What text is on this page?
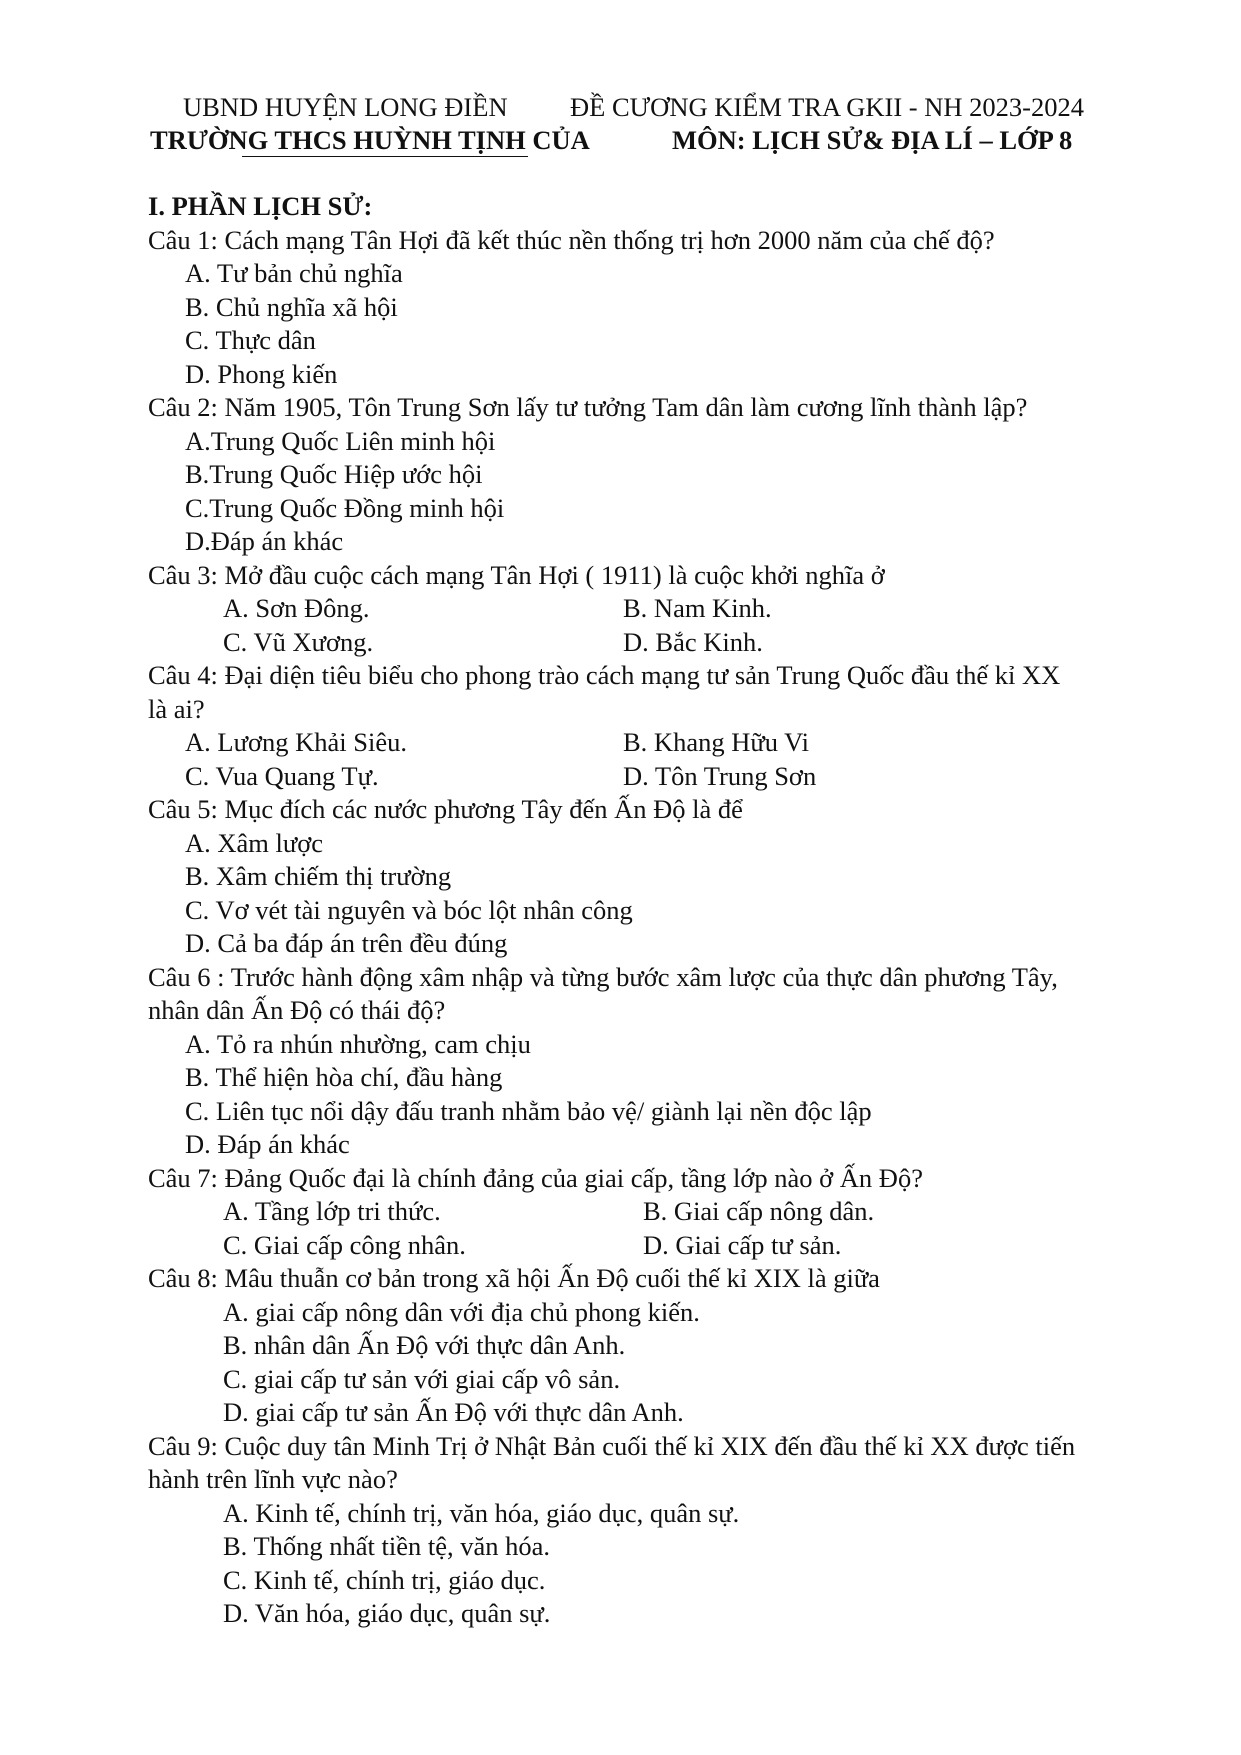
UBND HUYỆN LONG ĐIỀN ĐỀ CƯƠNG KIỂM TRA GKII - NH 2023-2024
TRƯỜNG THCS HUỲNH TỊNH CỦA	MÔN: LỊCH SỬ& ĐỊA LÍ – LỚP 8

I. PHẦN LỊCH SỬ:

Câu 1: Cách mạng Tân Hợi đã kết thúc nền thống trị hơn 2000 năm của chế độ?

A. Tư bản chủ nghĩa

B. Chủ nghĩa xã hội

C. Thực dân

D. Phong kiến

Câu 2: Năm 1905, Tôn Trung Sơn lấy tư tưởng Tam dân làm cương lĩnh thành lập?

A.Trung Quốc Liên minh hội

B.Trung Quốc Hiệp ước hội

C.Trung Quốc Đồng minh hội

D.Đáp án khác

Câu 3: Mở đầu cuộc cách mạng Tân Hợi ( 1911) là cuộc khởi nghĩa ở

A. Sơn Đông.	B. Nam Kinh.

C. Vũ Xương.	D. Bắc Kinh.

Câu 4: Đại diện tiêu biểu cho phong trào cách mạng tư sản Trung Quốc đầu thế kỉ XX

là ai?

A. Lương Khải Siêu.	B. Khang Hữu Vi

C. Vua Quang Tự.	D. Tôn Trung Sơn

Câu 5: Mục đích các nước phương Tây đến Ấn Độ là để

A. Xâm lược

B. Xâm chiếm thị trường

C. Vơ vét tài nguyên và bóc lột nhân công

D. Cả ba đáp án trên đều đúng

Câu 6 : Trước hành động xâm nhập và từng bước xâm lược của thực dân phương Tây,

nhân dân Ấn Độ có thái độ?

A. Tỏ ra nhún nhường, cam chịu

B. Thể hiện hòa chí, đầu hàng

C. Liên tục nổi dậy đấu tranh nhằm bảo vệ/ giành lại nền độc lập

D. Đáp án khác

Câu 7: Đảng Quốc đại là chính đảng của giai cấp, tầng lớp nào ở Ấn Độ?

A. Tầng lớp tri thức.	B. Giai cấp nông dân.

C. Giai cấp công nhân.	D. Giai cấp tư sản.

Câu 8: Mâu thuẫn cơ bản trong xã hội Ấn Độ cuối thế kỉ XIX là giữa

A. giai cấp nông dân với địa chủ phong kiến.

B. nhân dân Ấn Độ với thực dân Anh.

C. giai cấp tư sản với giai cấp vô sản.

D. giai cấp tư sản Ấn Độ với thực dân Anh.

Câu 9: Cuộc duy tân Minh Trị ở Nhật Bản cuối thế kỉ XIX đến đầu thế kỉ XX được tiến

hành trên lĩnh vực nào?

A. Kinh tế, chính trị, văn hóa, giáo dục, quân sự.

B. Thống nhất tiền tệ, văn hóa.

C. Kinh tế, chính trị, giáo dục.

D. Văn hóa, giáo dục, quân sự.
